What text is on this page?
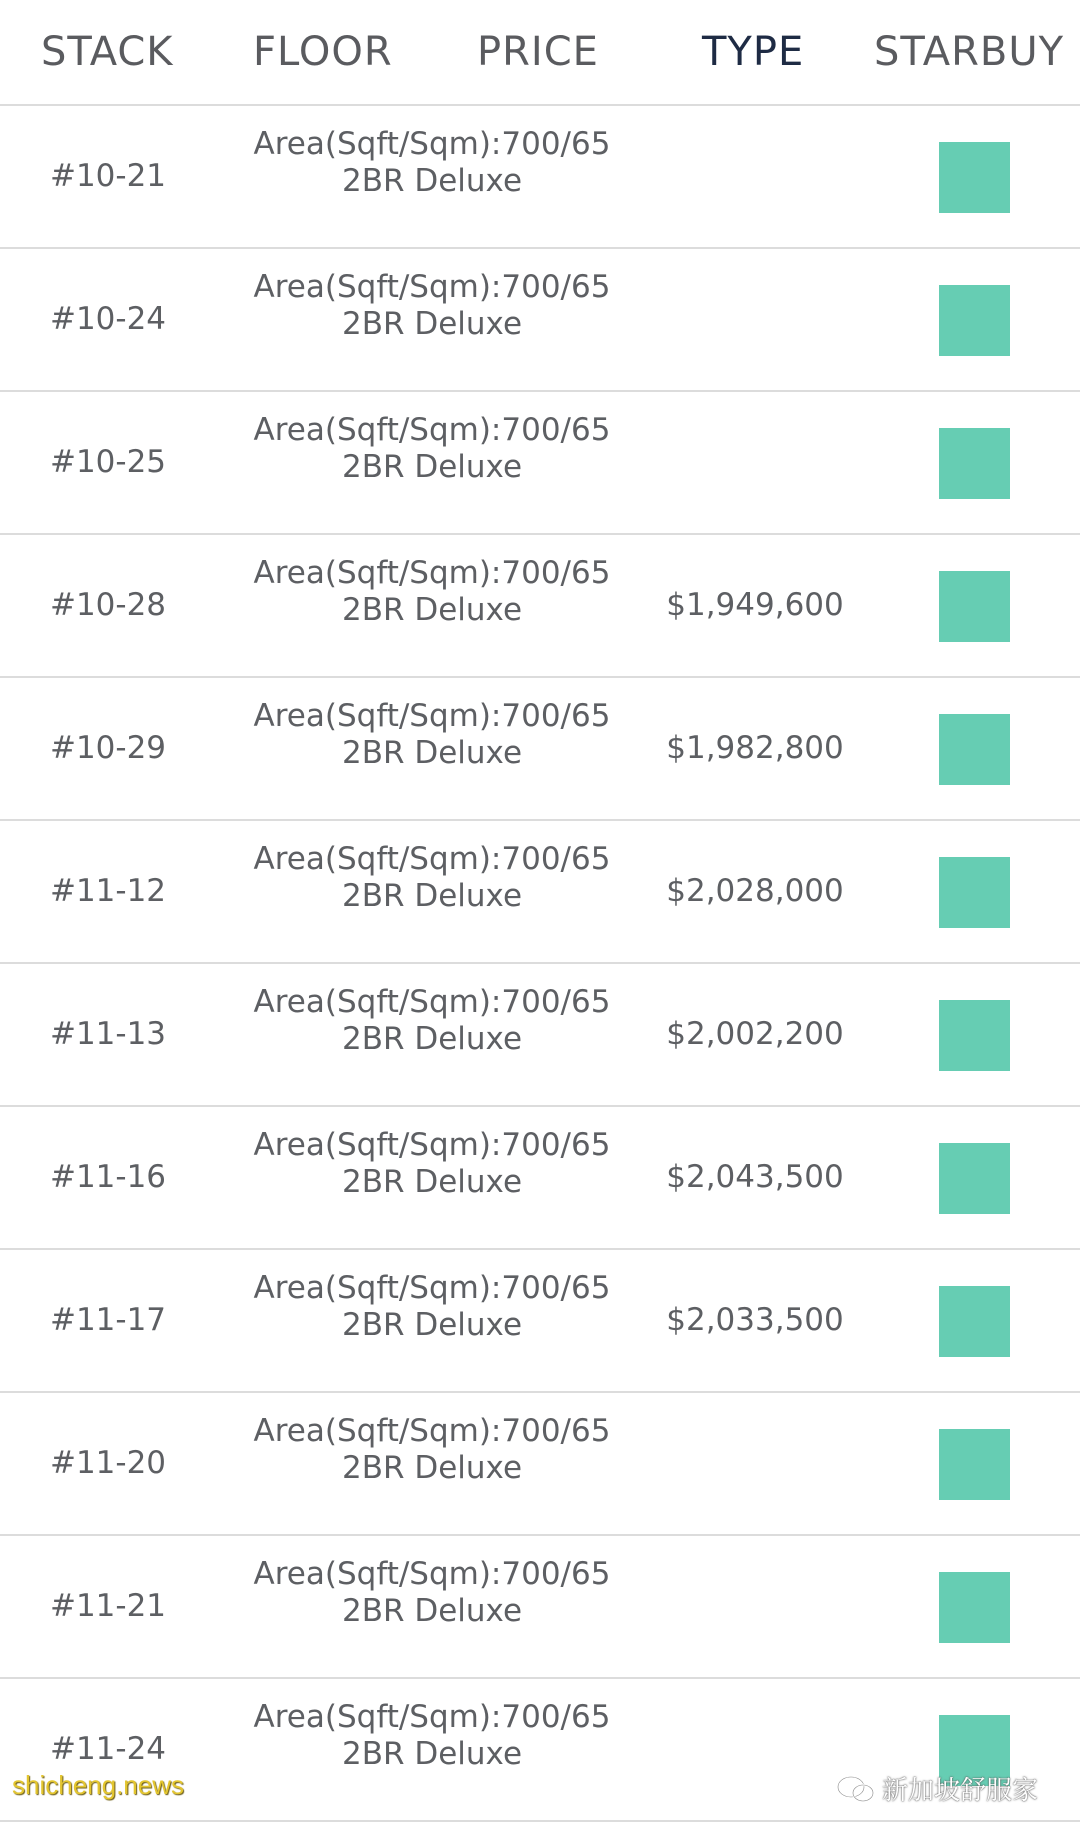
STACK FLOOR PRICE	TYPE STARBUY
#10-21
Area(Sqft/Sqm):700/65
2BR Deluxe
#10-24
Area(Sqft/Sqm):700/65
2BR Deluxe
#10-25
Area(Sqft/Sqm):700/65
2BR Deluxe
#10-28
Area(Sqft/Sqm):700/65
2BR Deluxe	$1,949,600
#10-29
Area(Sqft/Sqm):700/65
2BR Deluxe	$1,982,800
#11-12
Area(Sqft/Sqm):700/65
2BR Deluxe	$2,028,000
#11-13
Area(Sqft/Sqm):700/65
2BR Deluxe	$2,002,200
#11-16
Area(Sqft/Sqm):700/65
2BR Deluxe	$2,043,500
#11-17
Area(Sqft/Sqm):700/65
2BR Deluxe	$2,033,500
#11-20
Area(Sqft/Sqm):700/65
2BR Deluxe
#11-21
Area(Sqft/Sqm):700/65
2BR Deluxe
#11-24
Area(Sqft/Sqm):700/65
2BR Deluxe
shicheng.news	新加坡舒服家
